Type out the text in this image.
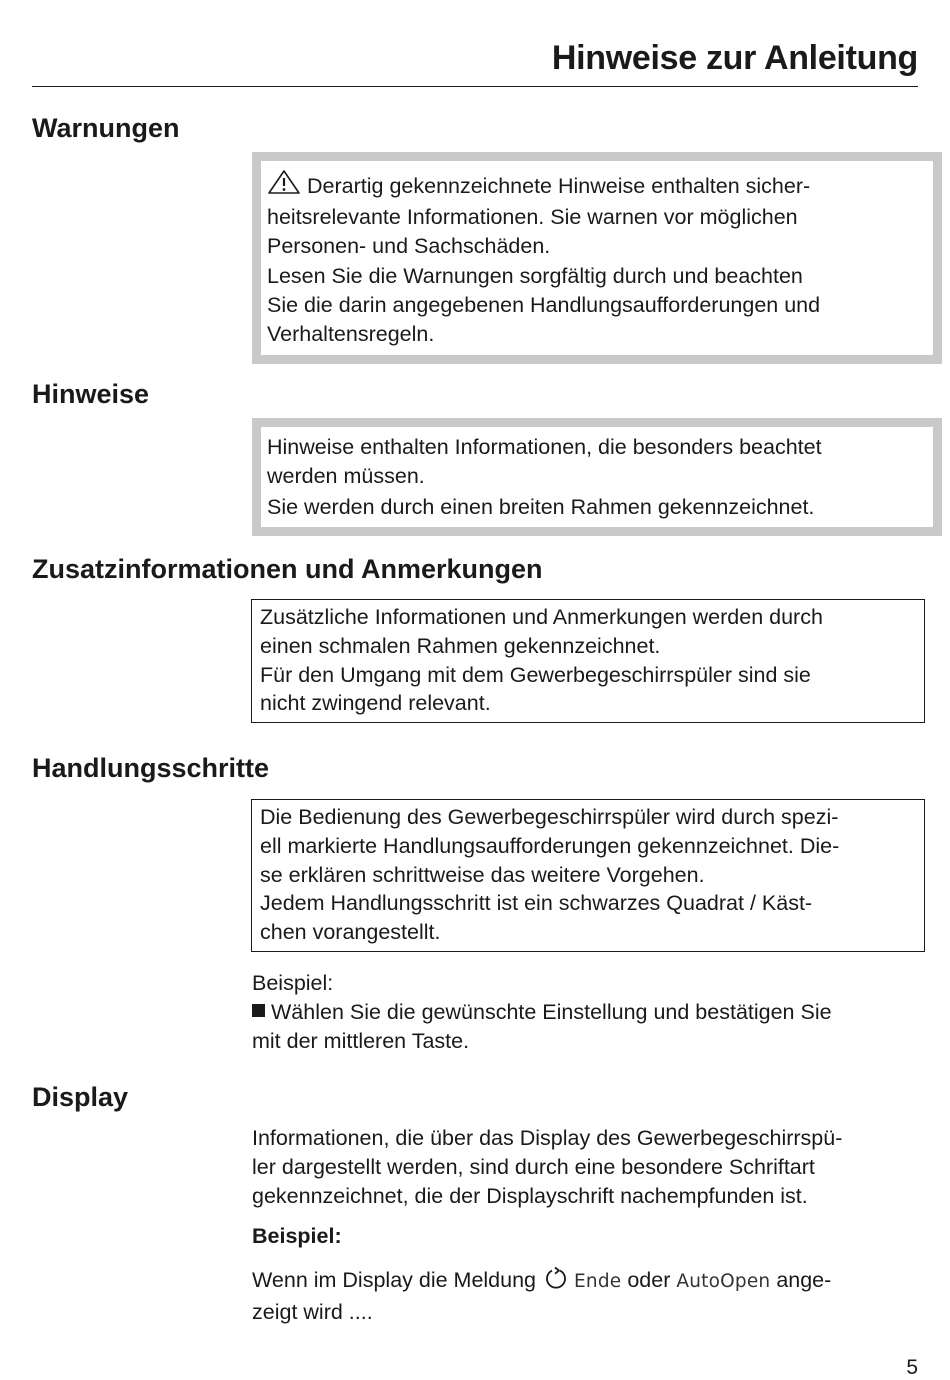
Hinweise zur Anleitung
Warnungen

Derartig gekennzeichnete Hinweise enthalten sicher-

heitsrelevante Informationen. Sie warnen vor möglichen

Personen- und Sachschäden.

Lesen Sie die Warnungen sorgfältig durch und beachten

Sie die darin angegebenen Handlungsaufforderungen und

Verhaltensregeln.

Hinweise

Hinweise enthalten Informationen, die besonders beachtet

werden müssen.

Sie werden durch einen breiten Rahmen gekennzeichnet.

Zusatzinformationen und Anmerkungen

Zusätzliche Informationen und Anmerkungen werden durch

einen schmalen Rahmen gekennzeichnet.

Für den Umgang mit dem Gewerbegeschirrspüler sind sie

nicht zwingend relevant.

Handlungsschritte

Die Bedienung des Gewerbegeschirrspüler wird durch spezi-

ell markierte Handlungsaufforderungen gekennzeichnet. Die-

se erklären schrittweise das weitere Vorgehen.

Jedem Handlungsschritt ist ein schwarzes Quadrat / Käst-

chen vorangestellt.

Beispiel:

Wählen Sie die gewünschte Einstellung und bestätigen Sie

mit der mittleren Taste.

Display

Informationen, die über das Display des Gewerbegeschirrspü-

ler dargestellt werden, sind durch eine besondere Schriftart

gekennzeichnet, die der Displayschrift nachempfunden ist.

Beispiel:

Wenn im Display die Meldung Ende oder AutoOpen ange-

zeigt wird ....

5
